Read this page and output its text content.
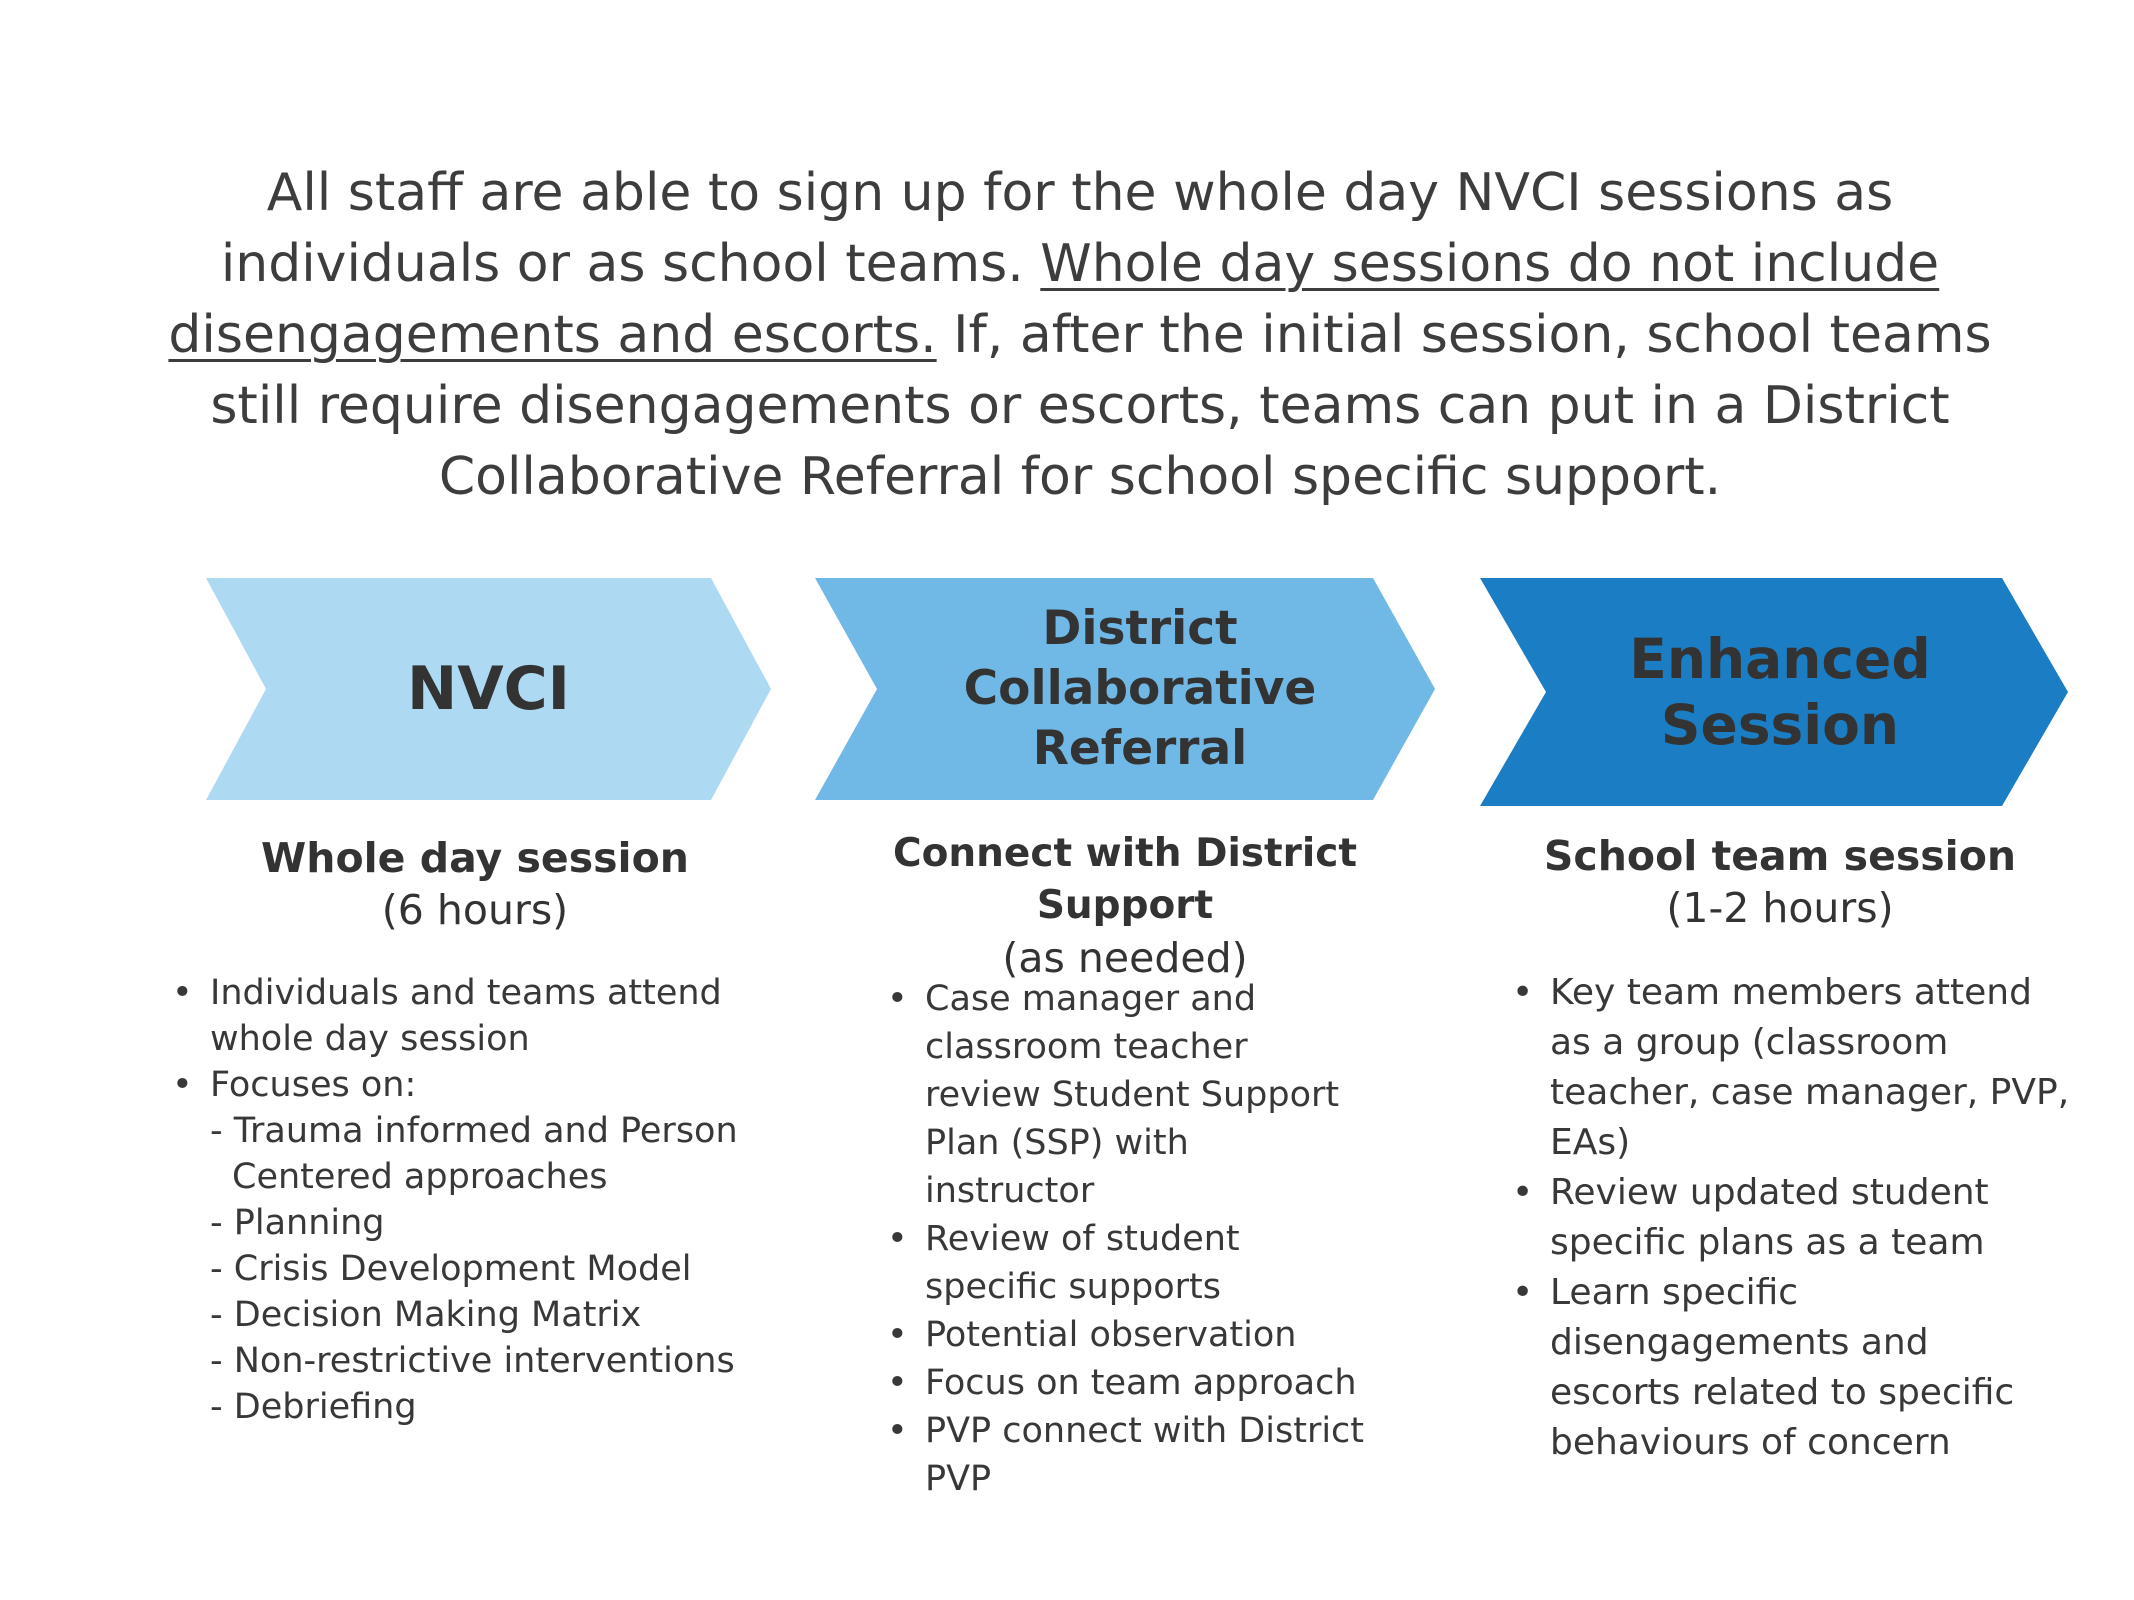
All staff are able to sign up for the whole day NVCI sessions as individuals or as school teams. Whole day sessions do not include disengagements and escorts. If, after the initial session, school teams still require disengagements or escorts, teams can put in a District Collaborative Referral for school specific support.
NVCI
District Collaborative Referral
Enhanced Session
Whole day session
(6 hours)
Connect with District Support
(as needed)
School team session
(1-2 hours)
• Individuals and teams attend whole day session
• Focuses on:
- Trauma informed and Person Centered approaches
- Planning
- Crisis Development Model
- Decision Making Matrix
- Non-restrictive interventions
- Debriefing
• Case manager and classroom teacher review Student Support Plan (SSP) with instructor
• Review of student specific supports
• Potential observation
• Focus on team approach
• PVP connect with District PVP
• Key team members attend as a group (classroom teacher, case manager, PVP, EAs)
• Review updated student specific plans as a team
• Learn specific disengagements and escorts related to specific behaviours of concern
